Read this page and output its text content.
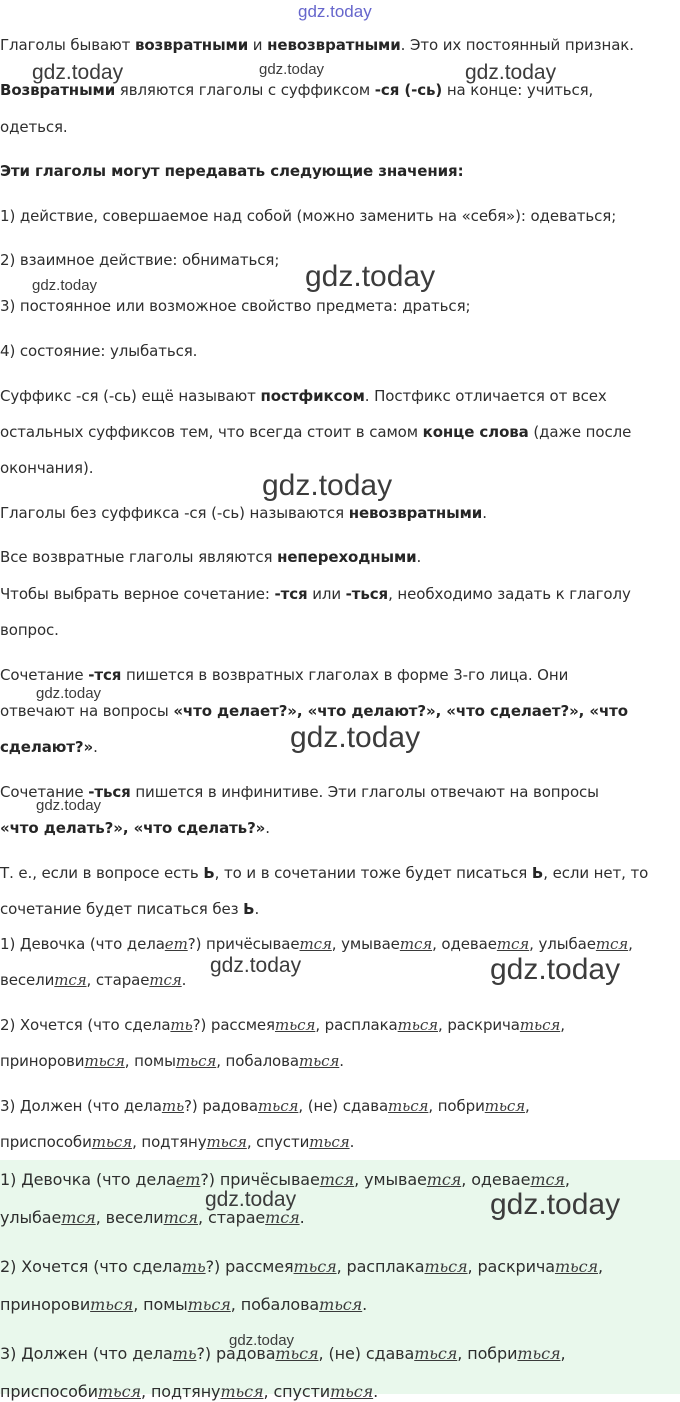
Глаголы бывают возвратными и невозвратными. Это их постоянный признак.
Возвратными являются глаголы с суффиксом -ся (-сь) на конце: учиться,
одеться.
Эти глаголы могут передавать следующие значения:
1) действие, совершаемое над собой (можно заменить на «себя»): одеваться;
2) взаимное действие: обниматься;
3) постоянное или возможное свойство предмета: драться;
4) состояние: улыбаться.
Суффикс -ся (-сь) ещё называют постфиксом. Постфикс отличается от всех
остальных суффиксов тем, что всегда стоит в самом конце слова (даже после
окончания).
Глаголы без суффикса -ся (-сь) называются невозвратными.
Все возвратные глаголы являются непереходными.
Чтобы выбрать верное сочетание: -тся или -ться, необходимо задать к глаголу
вопрос.
Сочетание -тся пишется в возвратных глаголах в форме 3-го лица. Они
отвечают на вопросы «что делает?», «что делают?», «что сделает?», «что
сделают?».
Сочетание -ться пишется в инфинитиве. Эти глаголы отвечают на вопросы
«что делать?», «что сделать?».
Т. е., если в вопросе есть Ь, то и в сочетании тоже будет писаться Ь, если нет, то
сочетание будет писаться без Ь.
1) Девочка (что делает?) причёсывается, умывается, одевается, улыбается,
веселится, старается.
2) Хочется (что сделать?) рассмеяться, расплакаться, раскричаться,
приноровиться, помыться, побаловаться.
3) Должен (что делать?) радоваться, (не) сдаваться, побриться,
приспособиться, подтянуться, спуститься.
1) Девочка (что делает?) причёсывается, умывается, одевается,
улыбается, веселится, старается.
2) Хочется (что сделать?) рассмеяться, расплакаться, раскричаться,
приноровиться, помыться, побаловаться.
3) Должен (что делать?) радоваться, (не) сдаваться, побриться,
приспособиться, подтянуться, спуститься.
gdz.today
gdz.today	gdz.today	gdz.today
gdz.today
gdz.today
gdz.today
gdz.today
gdz.today
gdz.today
gdz.today	gdz.today
gdz.today	gdz.today
gdz.today
